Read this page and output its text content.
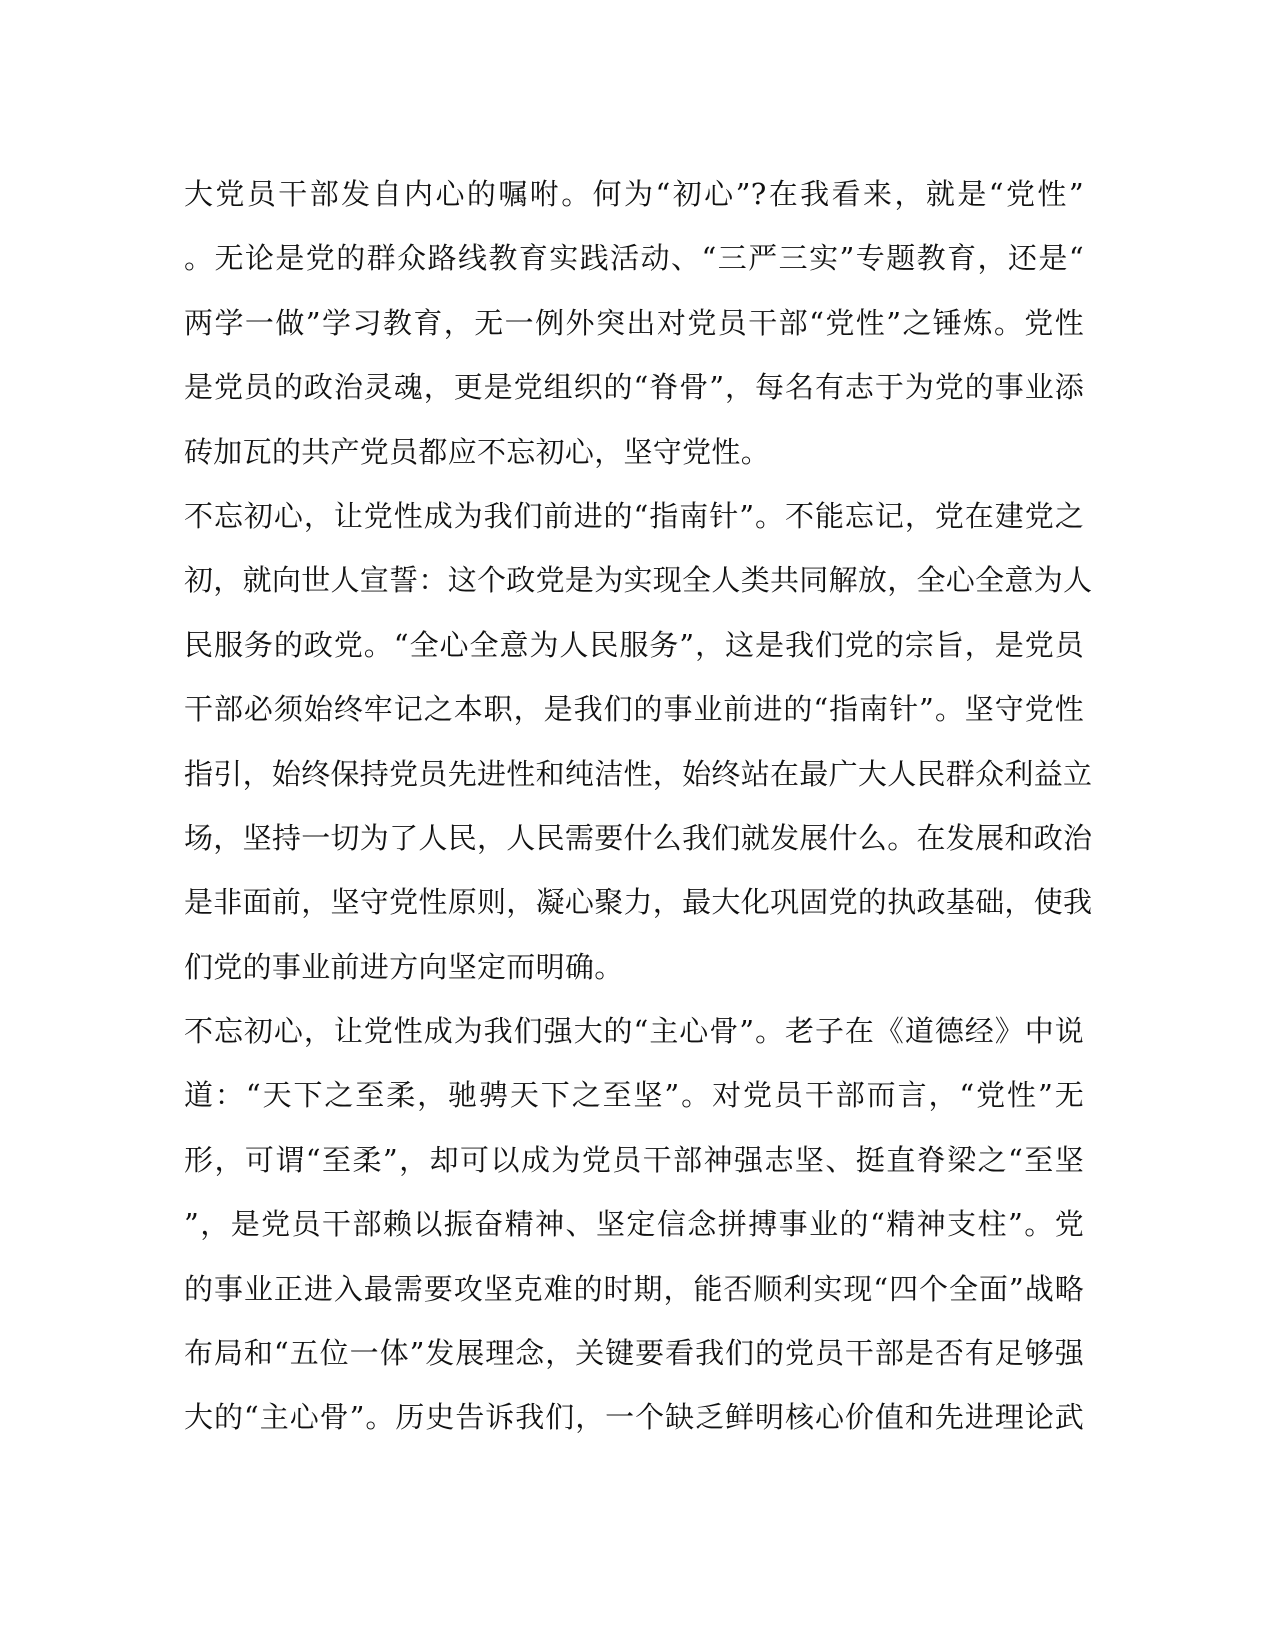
大党员干部发自内心的嘱咐。何为“初心”?在我看来，就是“党性”
。无论是党的群众路线教育实践活动、“三严三实”专题教育，还是“
两学一做”学习教育，无一例外突出对党员干部“党性”之锤炼。党性
是党员的政治灵魂，更是党组织的“脊骨”，每名有志于为党的事业添
砖加瓦的共产党员都应不忘初心，坚守党性。
不忘初心，让党性成为我们前进的“指南针”。不能忘记，党在建党之
初，就向世人宣誓：这个政党是为实现全人类共同解放，全心全意为人
民服务的政党。“全心全意为人民服务”，这是我们党的宗旨，是党员
干部必须始终牢记之本职，是我们的事业前进的“指南针”。坚守党性
指引，始终保持党员先进性和纯洁性，始终站在最广大人民群众利益立
场，坚持一切为了人民，人民需要什么我们就发展什么。在发展和政治
是非面前，坚守党性原则，凝心聚力，最大化巩固党的执政基础，使我
们党的事业前进方向坚定而明确。
不忘初心，让党性成为我们强大的“主心骨”。老子在《道德经》中说
道：“天下之至柔，驰骋天下之至坚”。对党员干部而言，“党性”无
形，可谓“至柔”，却可以成为党员干部神强志坚、挺直脊梁之“至坚
”，是党员干部赖以振奋精神、坚定信念拼搏事业的“精神支柱”。党
的事业正进入最需要攻坚克难的时期，能否顺利实现“四个全面”战略
布局和“五位一体”发展理念，关键要看我们的党员干部是否有足够强
大的“主心骨”。历史告诉我们，一个缺乏鲜明核心价值和先进理论武
